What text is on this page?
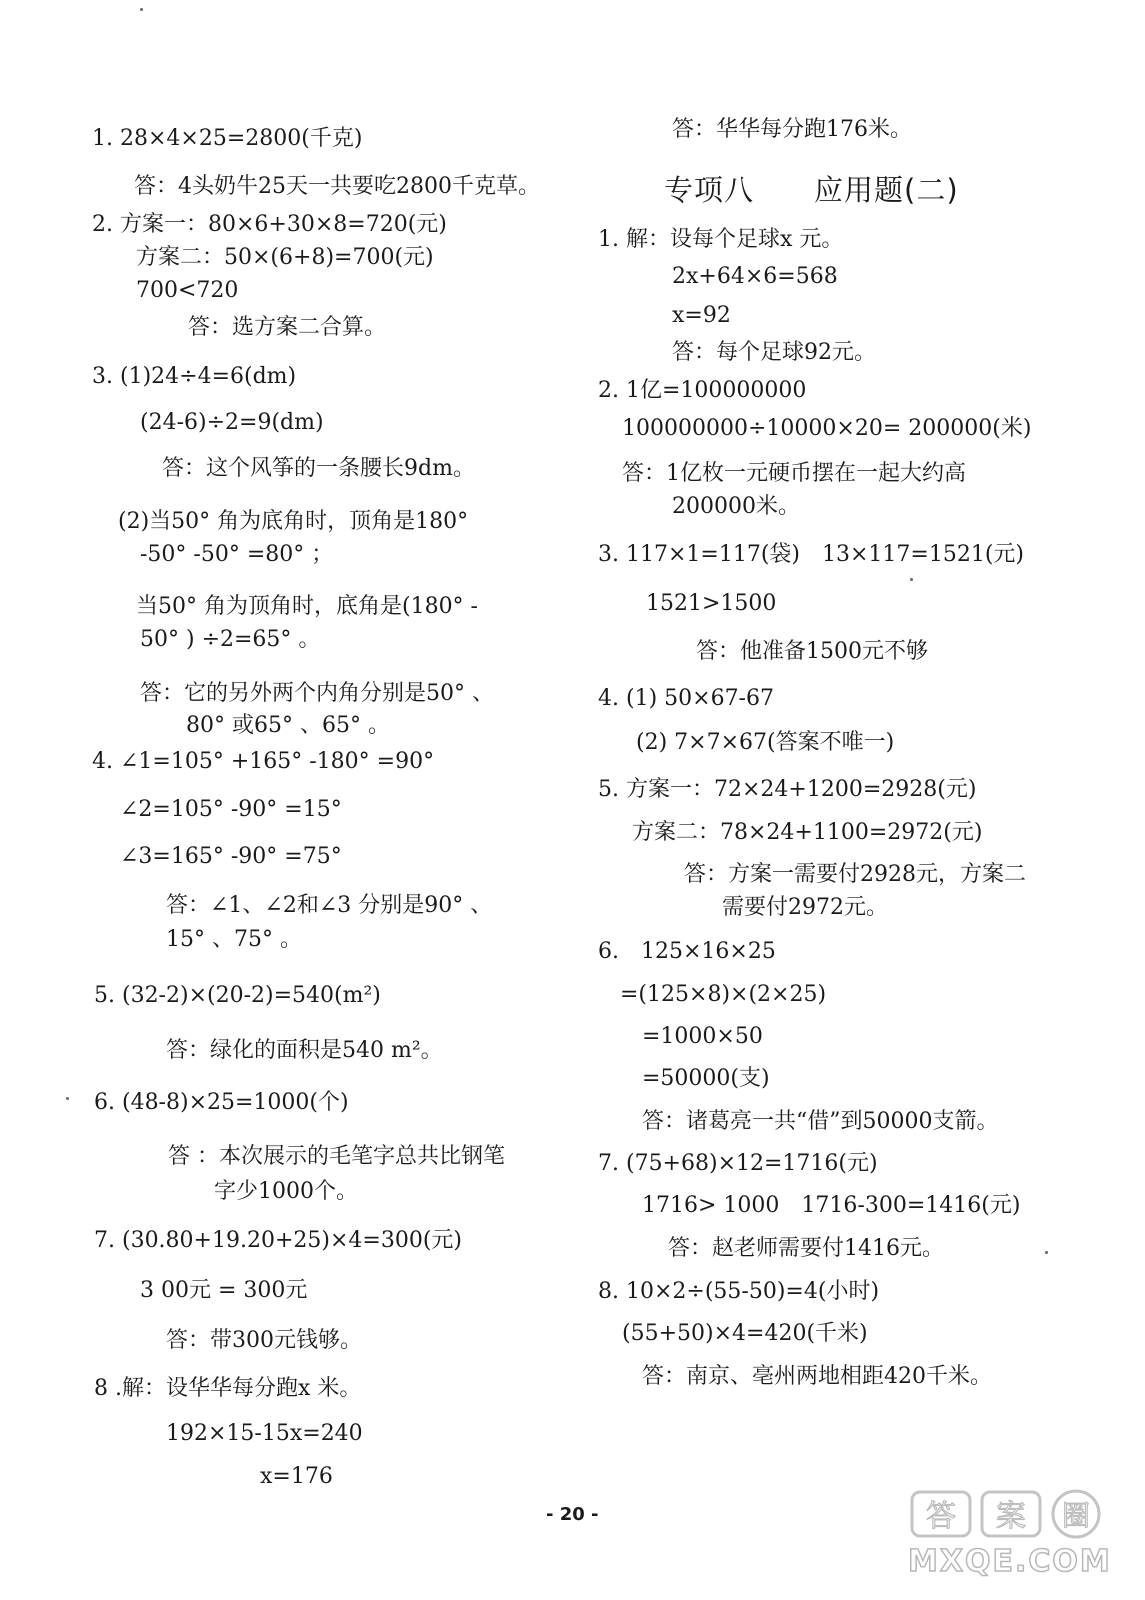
1. 28×4×25=2800(千克)
答：4头奶牛25天一共要吃2800千克草。
2. 方案一：80×6+30×8=720(元)
方案二：50×(6+8)=700(元)
700<720
答：选方案二合算。
3. (1)24÷4=6(dm)
(24-6)÷2=9(dm)
答：这个风筝的一条腰长9dm。
(2)当50° 角为底角时，顶角是180°
-50° -50° =80° ；
当50° 角为顶角时，底角是(180° -
50° ) ÷2=65° 。
答：它的另外两个内角分别是50° 、
80° 或65° 、65° 。
4. ∠1=105° +165° -180° =90°
∠2=105° -90° =15°
∠3=165° -90° =75°
答：∠1、∠2和∠3 分别是90° 、
15° 、75° 。
5. (32-2)×(20-2)=540(m²)
答：绿化的面积是540 m²。
6. (48-8)×25=1000(个)
答 ：本次展示的毛笔字总共比钢笔
字少1000个。
7. (30.80+19.20+25)×4=300(元)
3 00元 = 300元
答：带300元钱够。
8 .解：设华华每分跑x 米。
192×15-15x=240
x=176
专项八　　应用题(二)
答：华华每分跑176米。
1. 解：设每个足球x 元。
2x+64×6=568
x=92
答：每个足球92元。
2. 1亿=100000000
100000000÷10000×20= 200000(米)
答：1亿枚一元硬币摆在一起大约高
200000米。
3. 117×1=117(袋)　13×117=1521(元)
1521>1500
答：他准备1500元不够
4. (1) 50×67-67
(2) 7×7×67(答案不唯一)
5. 方案一：72×24+1200=2928(元)
方案二：78×24+1100=2972(元)
答：方案一需要付2928元，方案二
需要付2972元。
6.　125×16×25
=(125×8)×(2×25)
=1000×50
=50000(支)
答：诸葛亮一共“借”到50000支箭。
7. (75+68)×12=1716(元)
1716> 1000　1716-300=1416(元)
答：赵老师需要付1416元。
8. 10×2÷(55-50)=4(小时)
(55+50)×4=420(千米)
答：南京、亳州两地相距420千米。
- 20 -	答 案 圈
MXQE.COM
